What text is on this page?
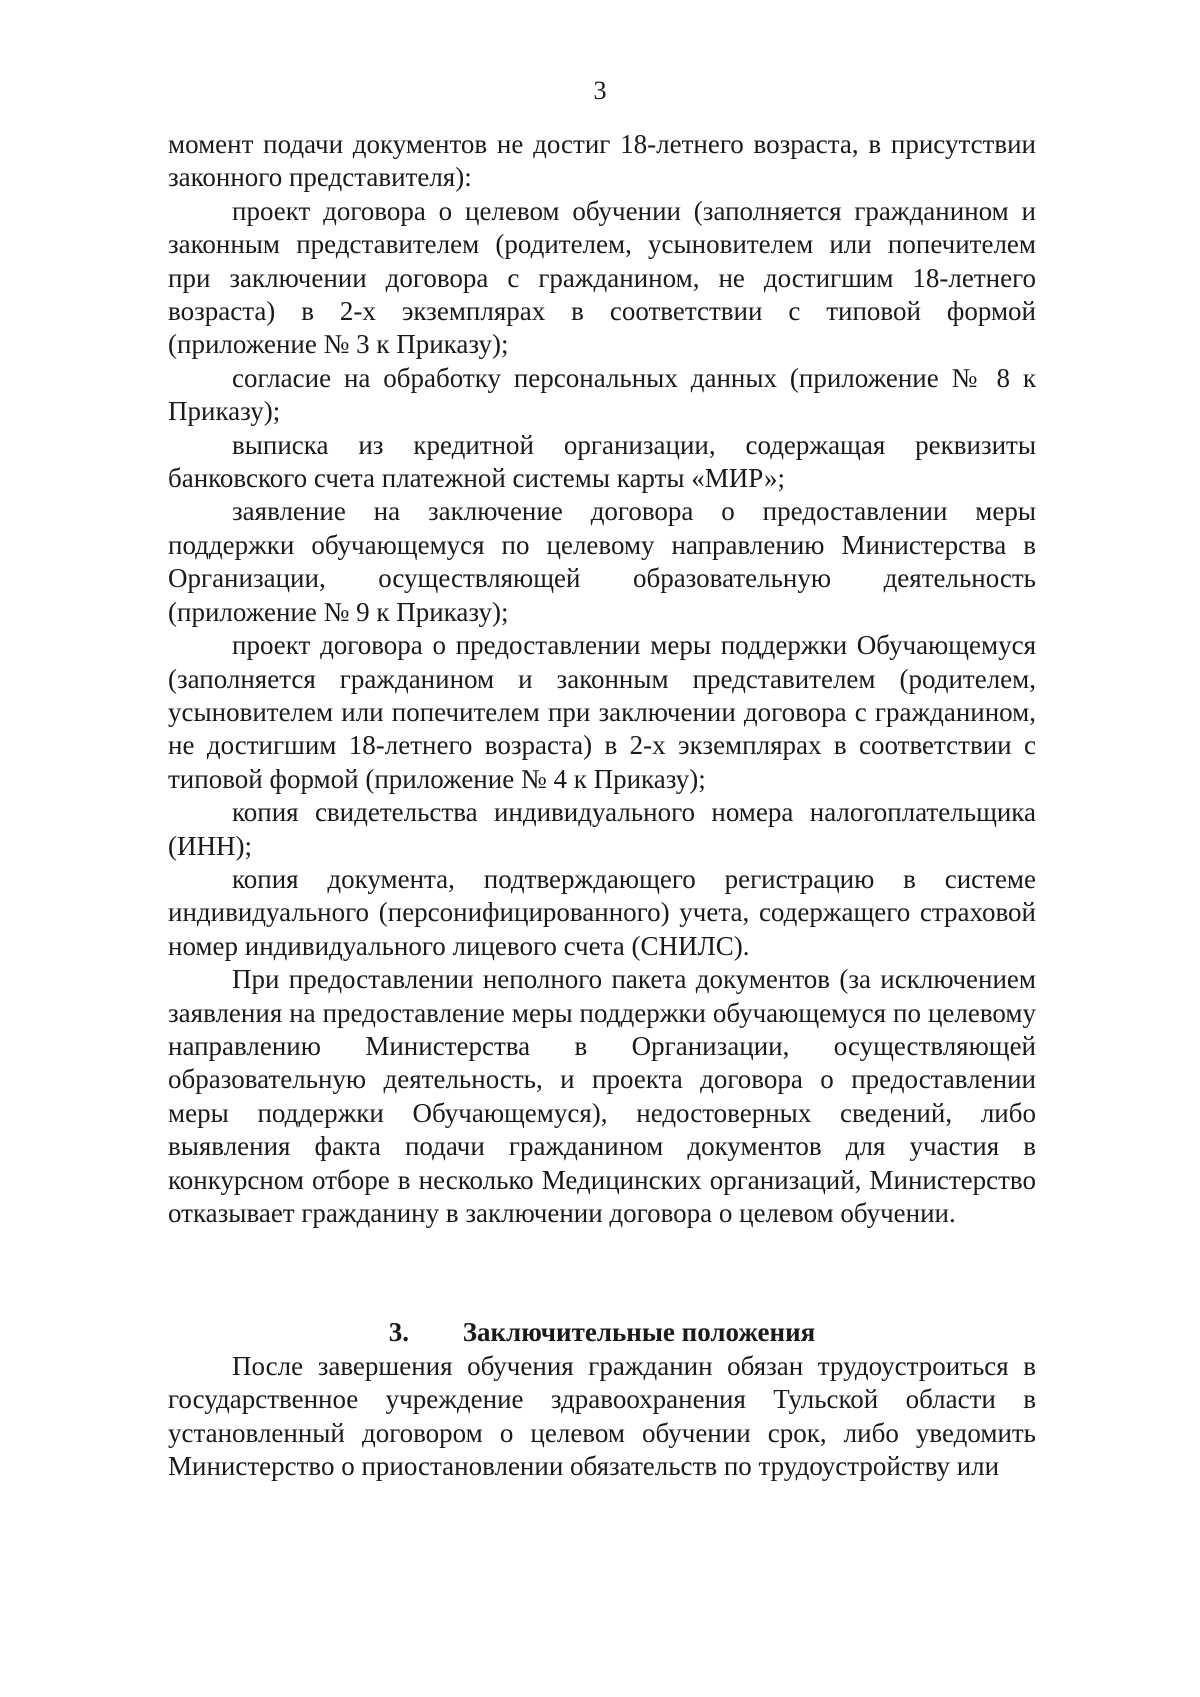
3

момент подачи документов не достиг 18-летнего возраста, в присутствии законного представителя):

проект договора о целевом обучении (заполняется гражданином и законным представителем (родителем, усыновителем или попечителем при заключении договора с гражданином, не достигшим 18-летнего возраста) в 2-х экземплярах в соответствии с типовой формой (приложение № 3 к Приказу);

согласие на обработку персональных данных (приложение № 8 к Приказу);

выписка из кредитной организации, содержащая реквизиты банковского счета платежной системы карты «МИР»;

заявление на заключение договора о предоставлении меры поддержки обучающемуся по целевому направлению Министерства в Организации, осуществляющей образовательную деятельность (приложение № 9 к Приказу);

проект договора о предоставлении меры поддержки Обучающемуся (заполняется гражданином и законным представителем (родителем, усыновителем или попечителем при заключении договора с гражданином, не достигшим 18-летнего возраста) в 2-х экземплярах в соответствии с типовой формой (приложение № 4 к Приказу);

копия свидетельства индивидуального номера налогоплательщика (ИНН);

копия документа, подтверждающего регистрацию в системе индивидуального (персонифицированного) учета, содержащего страховой номер индивидуального лицевого счета (СНИЛС).

При предоставлении неполного пакета документов (за исключением заявления на предоставление меры поддержки обучающемуся по целевому направлению Министерства в Организации, осуществляющей образовательную деятельность, и проекта договора о предоставлении меры поддержки Обучающемуся), недостоверных сведений, либо выявления факта подачи гражданином документов для участия в конкурсном отборе в несколько Медицинских организаций, Министерство отказывает гражданину в заключении договора о целевом обучении.

3. Заключительные положения

После завершения обучения гражданин обязан трудоустроиться в государственное учреждение здравоохранения Тульской области в установленный договором о целевом обучении срок, либо уведомить Министерство о приостановлении обязательств по трудоустройству или
